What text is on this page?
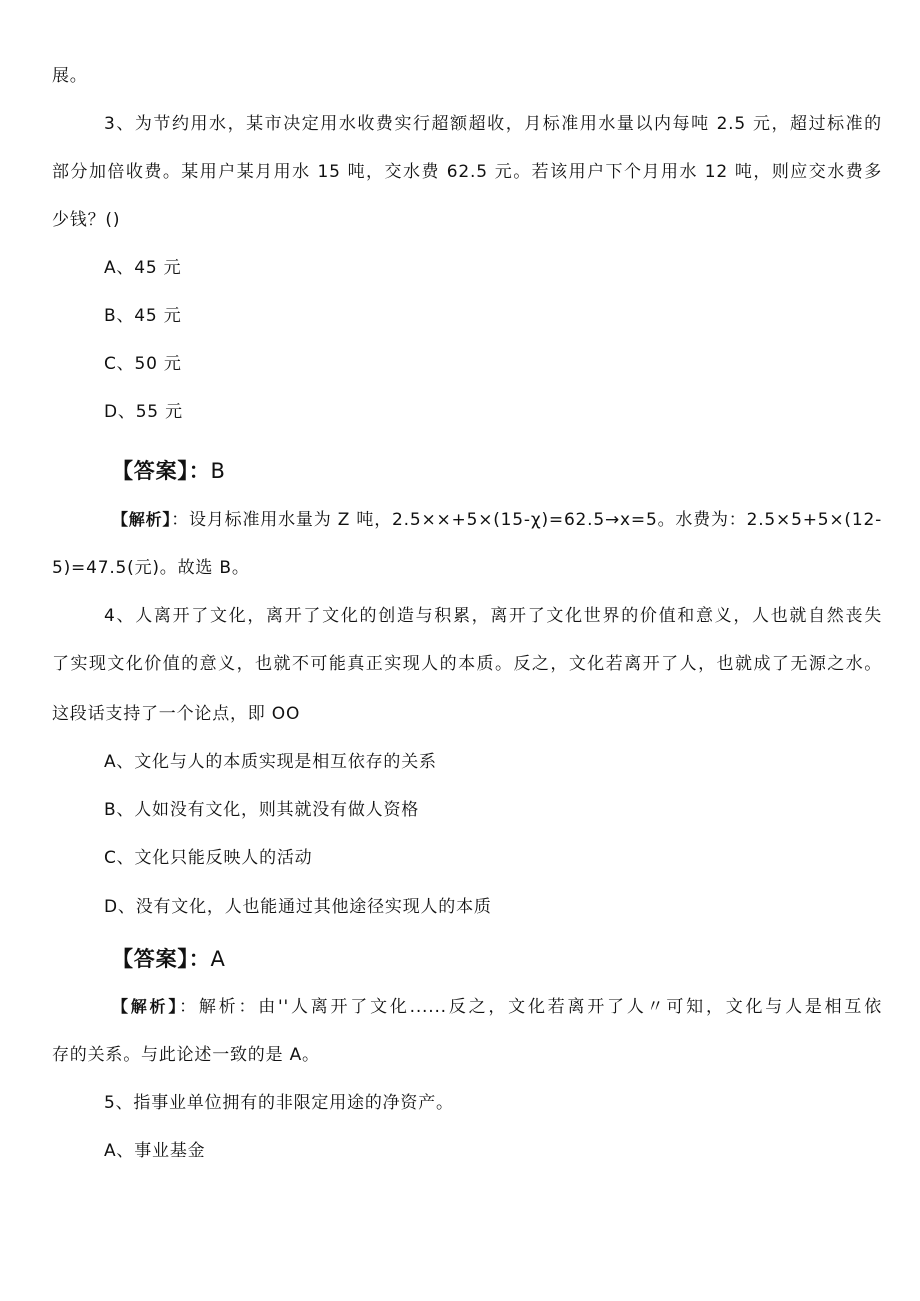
展。
3、为节约用水，某市决定用水收费实行超额超收，月标准用水量以内每吨 2.5 元，超过标准的
部分加倍收费。某用户某月用水 15 吨，交水费 62.5 元。若该用户下个月用水 12 吨，则应交水费多
少钱？()
A、45 元
B、45 元
C、50 元
D、55 元
【答案】：B
【解析】：设月标准用水量为 Z 吨，2.5××+5×(15-χ)=62.5→x=5。水费为：2.5×5+5×(12-
5)=47.5(元)。故选 B。
4、人离开了文化，离开了文化的创造与积累，离开了文化世界的价值和意义，人也就自然丧失
了实现文化价值的意义，也就不可能真正实现人的本质。反之，文化若离开了人，也就成了无源之水。
这段话支持了一个论点，即 OO
A、文化与人的本质实现是相互依存的关系
B、人如没有文化，则其就没有做人资格
C、文化只能反映人的活动
D、没有文化，人也能通过其他途径实现人的本质
【答案】：A
【解析】：解析：由''人离开了文化......反之，文化若离开了人〃可知，文化与人是相互依
存的关系。与此论述一致的是 A。
5、指事业单位拥有的非限定用途的净资产。
A、事业基金
